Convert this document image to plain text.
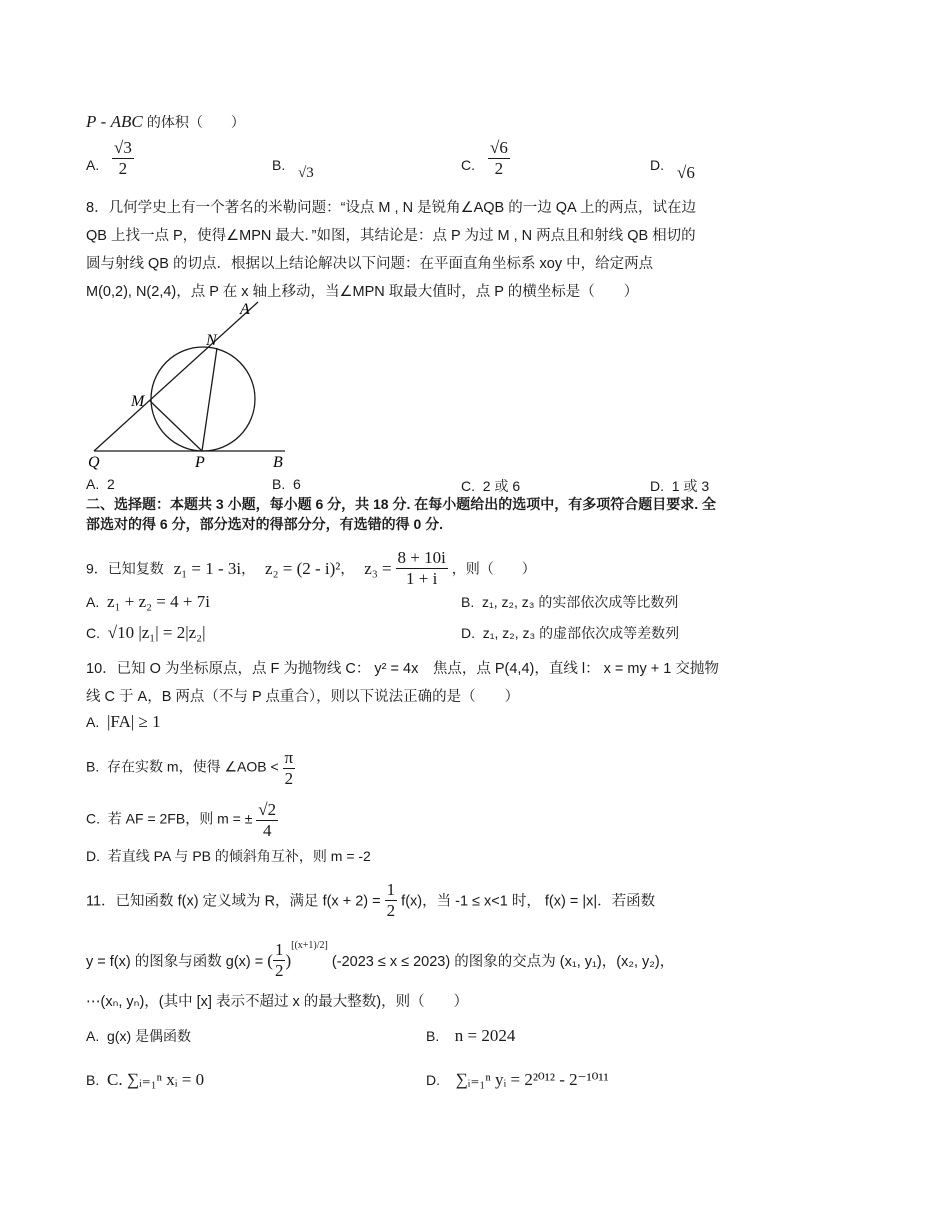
P - ABC 的体积（　　）
A. $\frac{√3}{2}$	B. √3	C. $\frac{√6}{2}$	D. √6
8．几何学史上有一个著名的米勒问题：“设点 M , N 是锐角∠AQB 的一边 QA 上的两点，试在边
QB 上找一点 P，使得∠MPN 最大．”如图，其结论是：点 P 为过 M , N 两点且和射线 QB 相切的
圆与射线 QB 的切点．根据以上结论解决以下问题：在平面直角坐标系 xoy 中，给定两点
M(0,2), N(2,4)，点 P 在 x 轴上移动，当∠MPN 取最大值时，点 P 的横坐标是（　　）
A
N
M
Q	P	B
A. 2	B. 6	C. 2 或 6	D. 1 或 3
二、选择题：本题共 3 小题，每小题 6 分，共 18 分. 在每小题给出的选项中，有多项符合题目要求. 全
部选对的得 6 分，部分选对的得部分分，有选错的得 0 分.
9．已知复数 z₁ = 1 - 3i， z₂ = (2 - i)²， $z_3 = \frac{8 + 10i}{1 + i}$ ，则（　　）
A. z₁ + z₂ = 4 + 7i	B. z₁, z₂, z₃ 的实部依次成等比数列
C. √10 |z₁| = 2|z₂|	D. z₁, z₂, z₃ 的虚部依次成等差数列
10．已知 O 为坐标原点，点 F 为抛物线 C： y² = 4x　焦点，点 P(4,4)，直线 l： x = my + 1 交抛物
线 C 于 A，B 两点（不与 P 点重合），则以下说法正确的是（　　）
A. |FA| ≥ 1
B. 存在实数 m，使得 ∠AOB < $\frac{\pi}{2}$
C. 若 AF = 2FB，则 m = ± $\frac{√2}{4}$
D. 若直线 PA 与 PB 的倾斜角互补，则 m = -2
11．已知函数 f(x) 定义域为 R，满足 $f(x + 2) = \frac{1}{2} f(x)$，当 -1 ≤ x<1 时， f(x) = |x|．若函数
y = f(x) 的图象与函数 g(x) = ( $\frac{1}{2} )[(x+1)/2]$ (-2023 ≤ x ≤ 2023) 的图象的交点为 (x₁, y₁)，(x₂, y₂)，
⋯(xₙ, yₙ)，(其中 [x] 表示不超过 x 的最大整数)，则（　　）
A. g(x) 是偶函数	B. n = 2024
B. C. ∑ᵢ₌₁ⁿ xᵢ = 0	D. ∑ᵢ₌₁ⁿ yᵢ = 2²⁰¹² - 2⁻¹⁰¹¹
